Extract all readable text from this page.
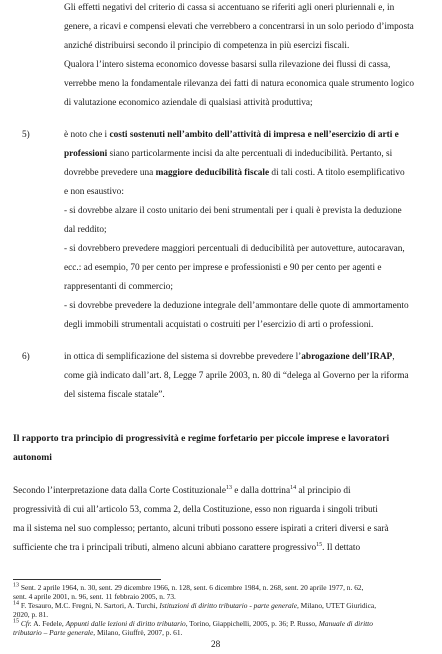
Gli effetti negativi del criterio di cassa si accentuano se riferiti agli oneri pluriennali e, in

genere, a ricavi e compensi elevati che verrebbero a concentrarsi in un solo periodo d’imposta

anziché distribuirsi secondo il principio di competenza in più esercizi fiscali.

Qualora l’intero sistema economico dovesse basarsi sulla rilevazione dei flussi di cassa,

verrebbe meno la fondamentale rilevanza dei fatti di natura economica quale strumento logico

di valutazione economico aziendale di qualsiasi attività produttiva;

5)	è noto che i costi sostenuti nell’ambito dell’attività di impresa e nell’esercizio di arti e

professioni siano particolarmente incisi da alte percentuali di indeducibilità. Pertanto, si

dovrebbe prevedere una maggiore deducibilità fiscale di tali costi. A titolo esemplificativo

e non esaustivo:

- si dovrebbe alzare il costo unitario dei beni strumentali per i quali è prevista la deduzione

dal reddito;

- si dovrebbero prevedere maggiori percentuali di deducibilità per autovetture, autocaravan,

ecc.: ad esempio, 70 per cento per imprese e professionisti e 90 per cento per agenti e

rappresentanti di commercio;

- si dovrebbe prevedere la deduzione integrale dell’ammontare delle quote di ammortamento

degli immobili strumentali acquistati o costruiti per l’esercizio di arti o professioni.

6)	in ottica di semplificazione del sistema si dovrebbe prevedere l’abrogazione dell’IRAP,

come già indicato dall’art. 8, Legge 7 aprile 2003, n. 80 di “delega al Governo per la riforma

del sistema fiscale statale”.

Il rapporto tra principio di progressività e regime forfetario per piccole imprese e lavoratori
autonomi

Secondo l’interpretazione data dalla Corte Costituzionale$^{13}$ e dalla dottrina$^{14}$ al principio di

progressività di cui all’articolo 53, comma 2, della Costituzione, esso non riguarda i singoli tributi

ma il sistema nel suo complesso; pertanto, alcuni tributi possono essere ispirati a criteri diversi e sarà

sufficiente che tra i principali tributi, almeno alcuni abbiano carattere progressivo$^{15}$. Il dettato

$^{13}$ Sent. 2 aprile 1964, n. 30, sent. 29 dicembre 1966, n. 128, sent. 6 dicembre 1984, n. 268, sent. 20 aprile 1977, n. 62,
sent. 4 aprile 2001, n. 96, sent. 11 febbraio 2005, n. 73.
$^{14}$ F. Tesauro, M.C. Fregni, N. Sartori, A. Turchi, Istituzioni di diritto tributario - parte generale, Milano, UTET Giuridica,
2020, p. 81.
$^{15}$ Cfr. A. Fedele, Appunti dalle lezioni di diritto tributario, Torino, Giappichelli, 2005, p. 36; P. Russo, Manuale di diritto
tributario – Parte generale, Milano, Giuffrè, 2007, p. 61.
28
